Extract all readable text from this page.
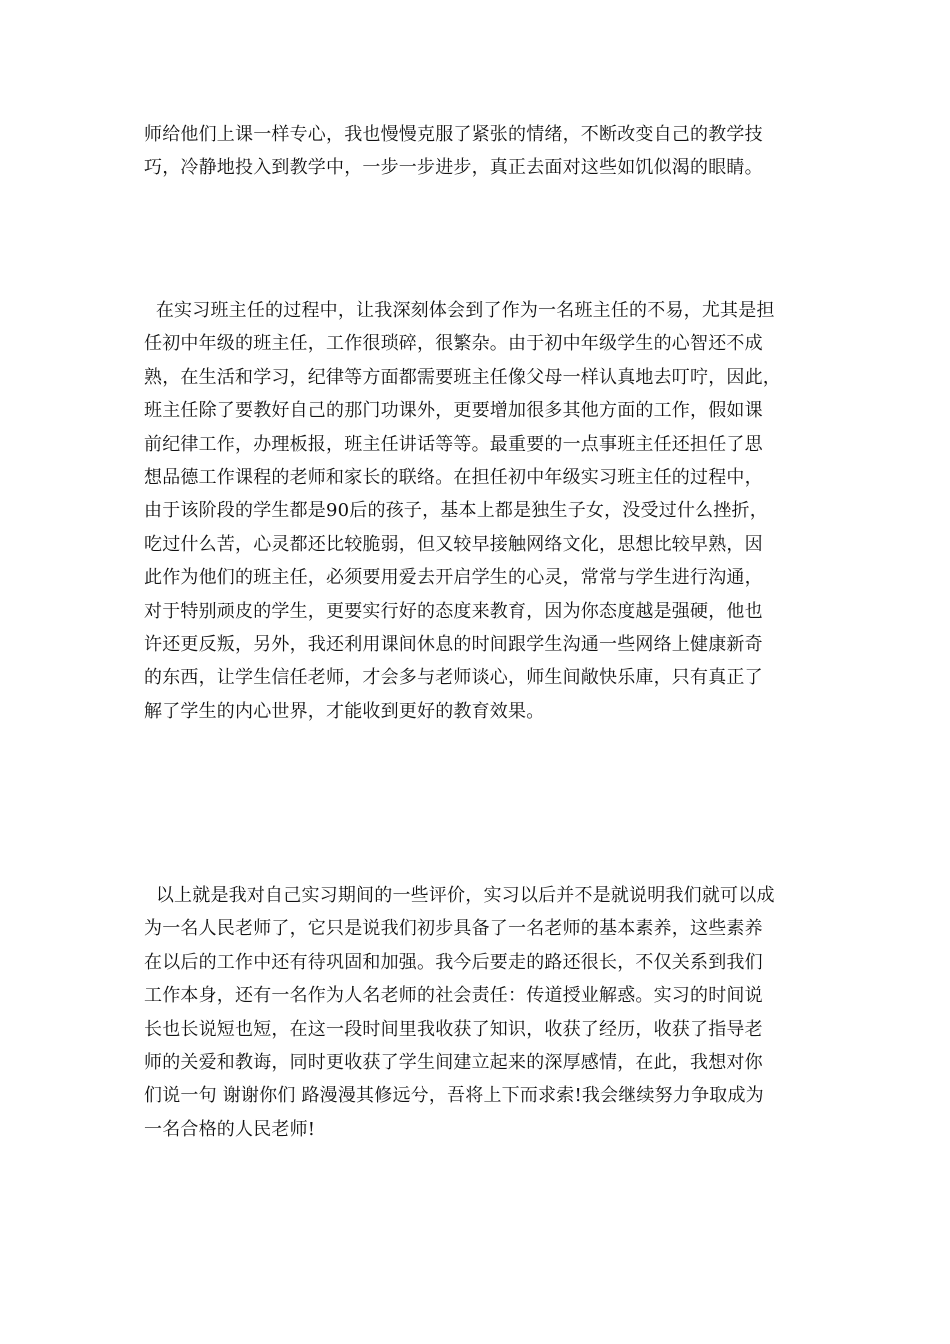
师给他们上课一样专心，我也慢慢克服了紧张的情绪，不断改变自己的教学技
巧，冷静地投入到教学中，一步一步进步，真正去面对这些如饥似渴的眼睛。
在实习班主任的过程中，让我深刻体会到了作为一名班主任的不易，尤其是担
任初中年级的班主任，工作很琐碎，很繁杂。由于初中年级学生的心智还不成
熟，在生活和学习，纪律等方面都需要班主任像父母一样认真地去叮咛，因此，
班主任除了要教好自己的那门功课外，更要增加很多其他方面的工作，假如课
前纪律工作，办理板报，班主任讲话等等。最重要的一点事班主任还担任了思
想品德工作课程的老师和家长的联络。在担任初中年级实习班主任的过程中，
由于该阶段的学生都是90后的孩子，基本上都是独生子女，没受过什么挫折，
吃过什么苦，心灵都还比较脆弱，但又较早接触网络文化，思想比较早熟，因
此作为他们的班主任，必须要用爱去开启学生的心灵，常常与学生进行沟通，
对于特别顽皮的学生，更要实行好的态度来教育，因为你态度越是强硬，他也
许还更反叛，另外，我还利用课间休息的时间跟学生沟通一些网络上健康新奇
的东西，让学生信任老师，才会多与老师谈心，师生间敞快乐庫，只有真正了
解了学生的内心世界，才能收到更好的教育效果。
以上就是我对自己实习期间的一些评价，实习以后并不是就说明我们就可以成
为一名人民老师了，它只是说我们初步具备了一名老师的基本素养，这些素养
在以后的工作中还有待巩固和加强。我今后要走的路还很长，不仅关系到我们
工作本身，还有一名作为人名老师的社会责任：传道授业解惑。实习的时间说
长也长说短也短，在这一段时间里我收获了知识，收获了经历，收获了指导老
师的关爱和教诲，同时更收获了学生间建立起来的深厚感情，在此，我想对你
们说一句 谢谢你们 路漫漫其修远兮，吾将上下而求索!我会继续努力争取成为
一名合格的人民老师!
